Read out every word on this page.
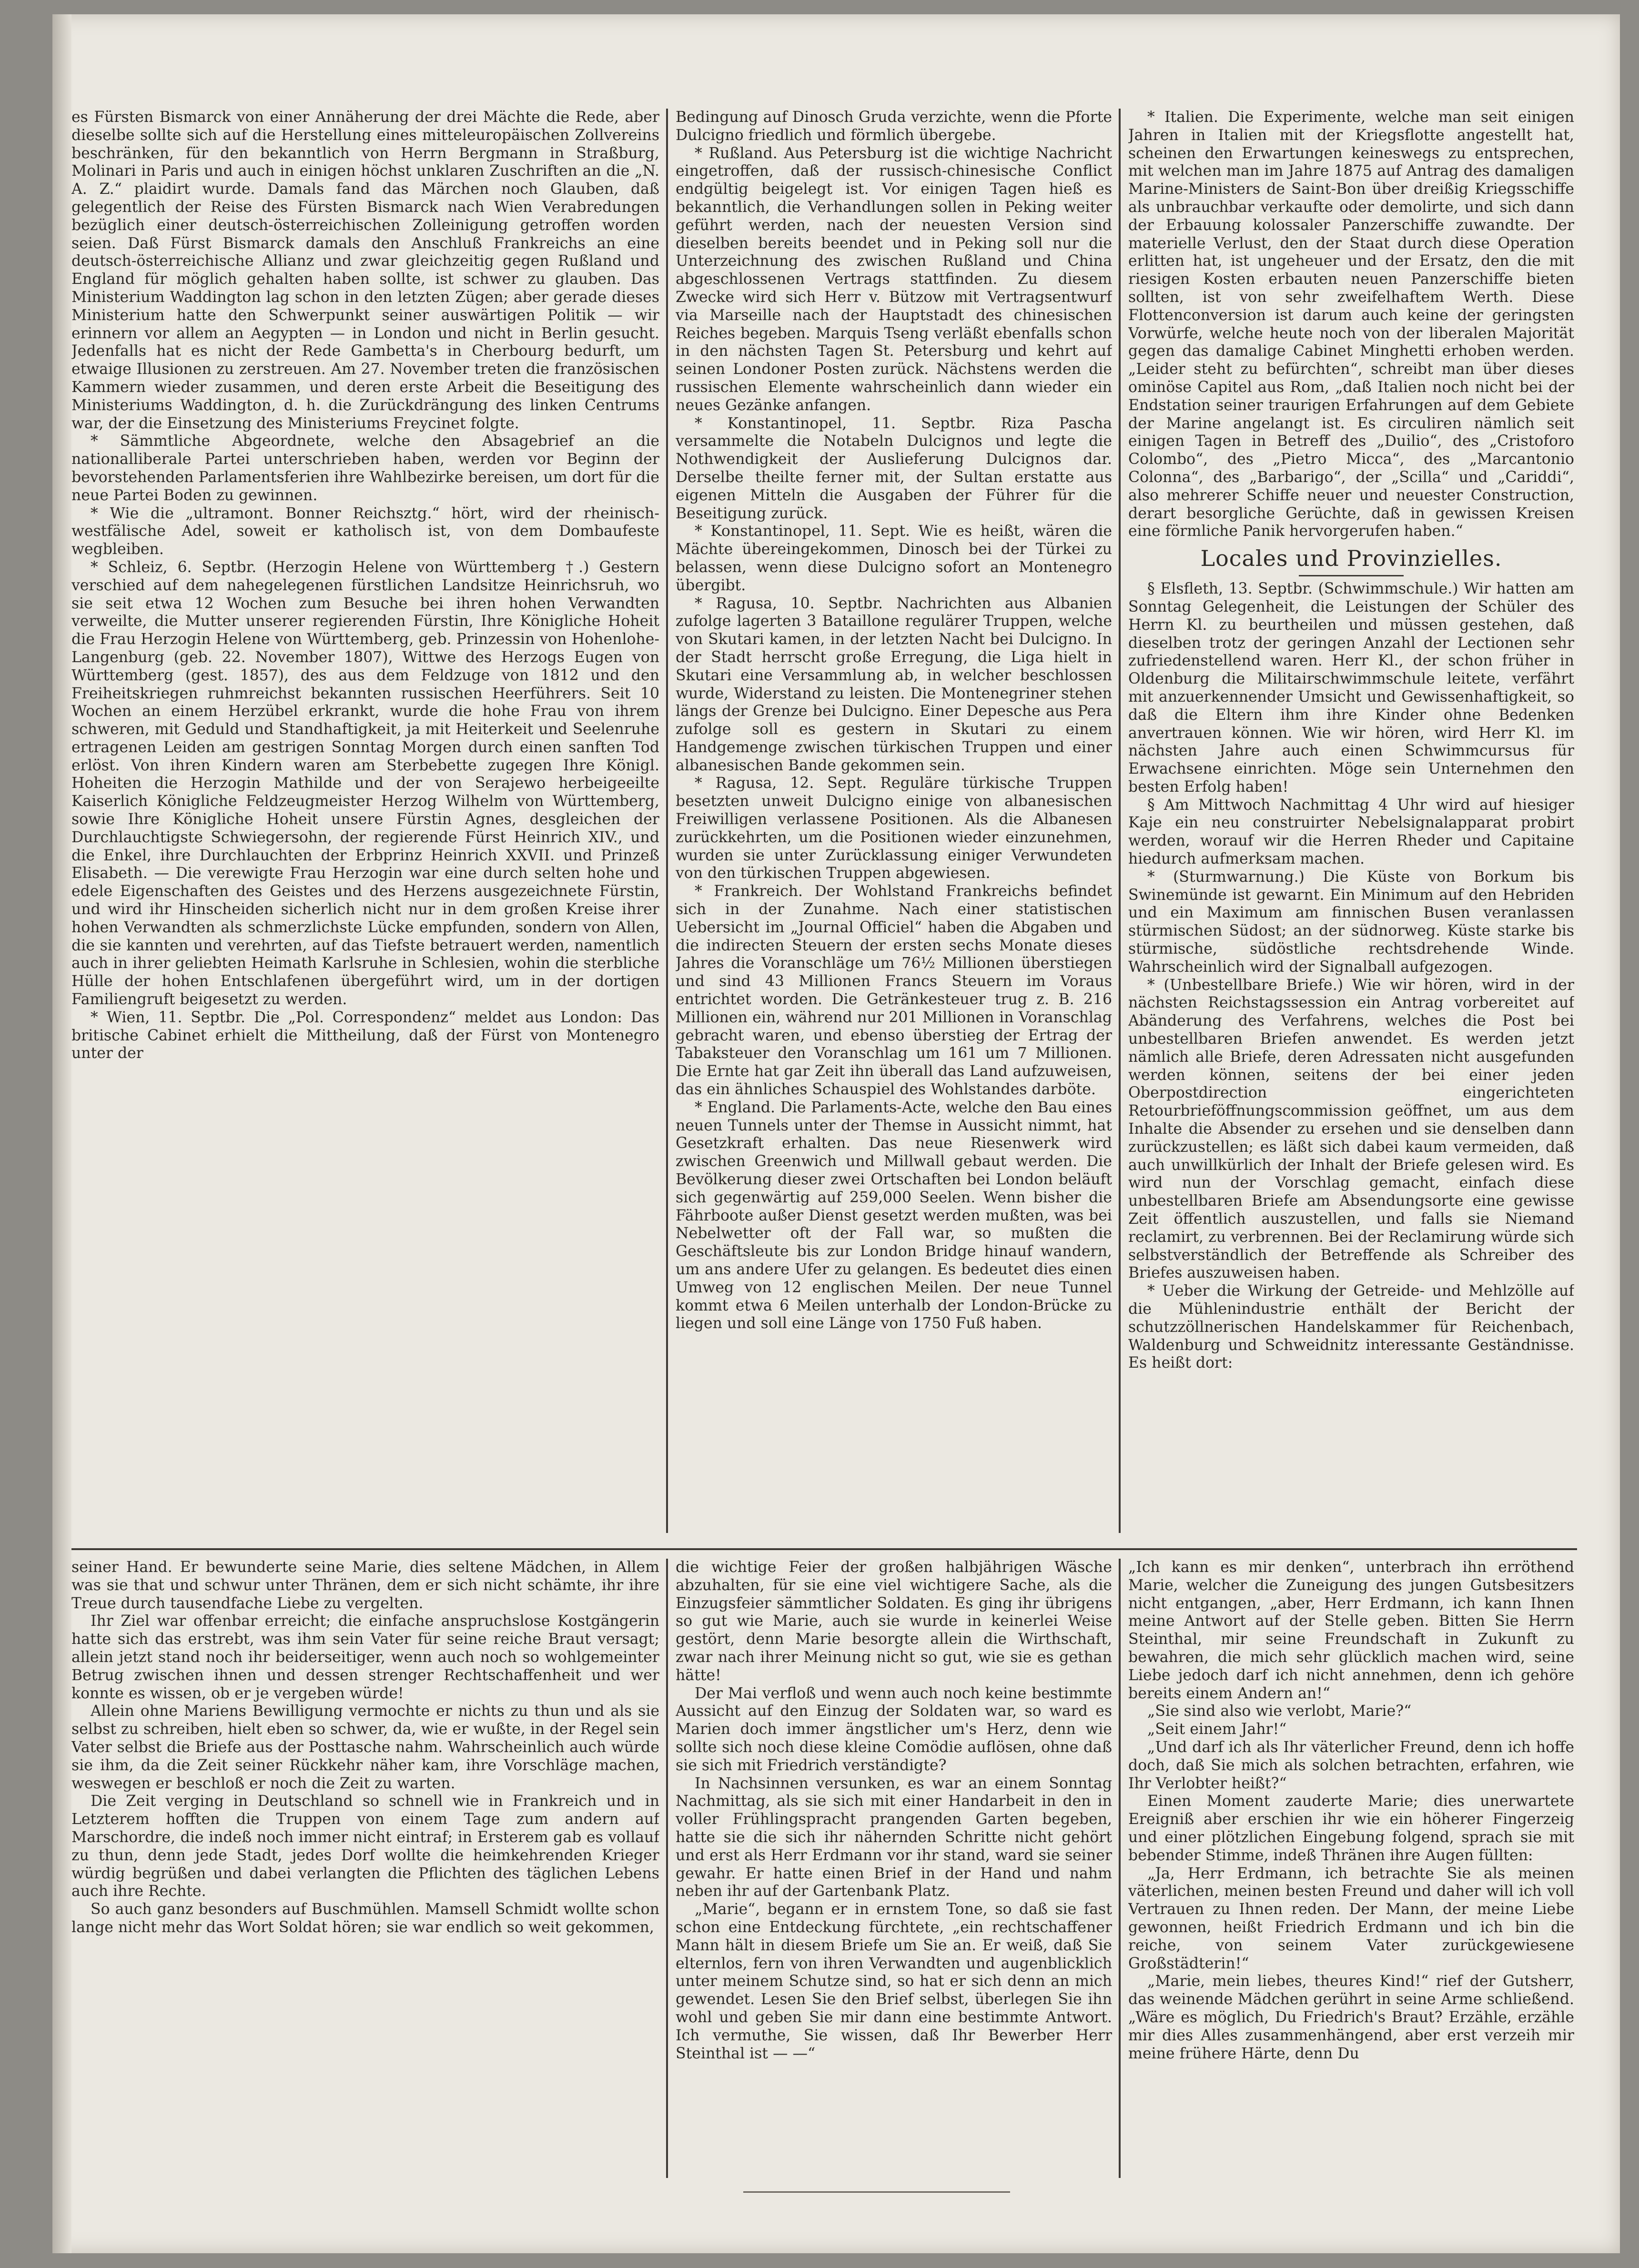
es Fürsten Bismarck von einer Annäherung der drei Mächte die Rede, aber dieselbe sollte sich auf die Herstellung eines mitteleuropäischen Zollvereins beschränken, für den bekanntlich von Herrn Bergmann in Straßburg, Molinari in Paris und auch in einigen höchst unklaren Zuschriften an die „N. A. Z.“ plaidirt wurde. Damals fand das Märchen noch Glauben, daß gelegentlich der Reise des Fürsten Bismarck nach Wien Verabredungen bezüglich einer deutsch-österreichischen Zolleinigung getroffen worden seien. Daß Fürst Bismarck damals den Anschluß Frankreichs an eine deutsch-österreichische Allianz und zwar gleichzeitig gegen Rußland und England für möglich gehalten haben sollte, ist schwer zu glauben. Das Ministerium Waddington lag schon in den letzten Zügen; aber gerade dieses Ministerium hatte den Schwerpunkt seiner auswärtigen Politik — wir erinnern vor allem an Aegypten — in London und nicht in Berlin gesucht. Jedenfalls hat es nicht der Rede Gambetta's in Cherbourg bedurft, um etwaige Illusionen zu zerstreuen. Am 27. November treten die französischen Kammern wieder zusammen, und deren erste Arbeit die Beseitigung des Ministeriums Waddington, d. h. die Zurückdrängung des linken Centrums war, der die Einsetzung des Ministeriums Freycinet folgte.

* Sämmtliche Abgeordnete, welche den Absagebrief an die nationalliberale Partei unterschrieben haben, werden vor Beginn der bevorstehenden Parlamentsferien ihre Wahlbezirke bereisen, um dort für die neue Partei Boden zu gewinnen.

* Wie die „ultramont. Bonner Reichsztg.“ hört, wird der rheinisch-westfälische Adel, soweit er katholisch ist, von dem Dombaufeste wegbleiben.

* Schleiz, 6. Septbr. (Herzogin Helene von Württemberg †.) Gestern verschied auf dem nahegelegenen fürstlichen Landsitze Heinrichsruh, wo sie seit etwa 12 Wochen zum Besuche bei ihren hohen Verwandten verweilte, die Mutter unserer regierenden Fürstin, Ihre Königliche Hoheit die Frau Herzogin Helene von Württemberg, geb. Prinzessin von Hohenlohe-Langenburg (geb. 22. November 1807), Wittwe des Herzogs Eugen von Württemberg (gest. 1857), des aus dem Feldzuge von 1812 und den Freiheitskriegen ruhmreichst bekannten russischen Heerführers. Seit 10 Wochen an einem Herzübel erkrankt, wurde die hohe Frau von ihrem schweren, mit Geduld und Standhaftigkeit, ja mit Heiterkeit und Seelenruhe ertragenen Leiden am gestrigen Sonntag Morgen durch einen sanften Tod erlöst. Von ihren Kindern waren am Sterbebette zugegen Ihre Königl. Hoheiten die Herzogin Mathilde und der von Serajewo herbeigeeilte Kaiserlich Königliche Feldzeugmeister Herzog Wilhelm von Württemberg, sowie Ihre Königliche Hoheit unsere Fürstin Agnes, desgleichen der Durchlauchtigste Schwiegersohn, der regierende Fürst Heinrich XIV., und die Enkel, ihre Durchlauchten der Erbprinz Heinrich XXVII. und Prinzeß Elisabeth. — Die verewigte Frau Herzogin war eine durch selten hohe und edele Eigenschaften des Geistes und des Herzens ausgezeichnete Fürstin, und wird ihr Hinscheiden sicherlich nicht nur in dem großen Kreise ihrer hohen Verwandten als schmerzlichste Lücke empfunden, sondern von Allen, die sie kannten und verehrten, auf das Tiefste betrauert werden, namentlich auch in ihrer geliebten Heimath Karlsruhe in Schlesien, wohin die sterbliche Hülle der hohen Entschlafenen übergeführt wird, um in der dortigen Familiengruft beigesetzt zu werden.

* Wien, 11. Septbr. Die „Pol. Correspondenz“ meldet aus London: Das britische Cabinet erhielt die Mittheilung, daß der Fürst von Montenegro unter der

Bedingung auf Dinosch Gruda verzichte, wenn die Pforte Dulcigno friedlich und förmlich übergebe.

* Rußland. Aus Petersburg ist die wichtige Nachricht eingetroffen, daß der russisch-chinesische Conflict endgültig beigelegt ist. Vor einigen Tagen hieß es bekanntlich, die Verhandlungen sollen in Peking weiter geführt werden, nach der neuesten Version sind dieselben bereits beendet und in Peking soll nur die Unterzeichnung des zwischen Rußland und China abgeschlossenen Vertrags stattfinden. Zu diesem Zwecke wird sich Herr v. Bützow mit Vertragsentwurf via Marseille nach der Hauptstadt des chinesischen Reiches begeben. Marquis Tseng verläßt ebenfalls schon in den nächsten Tagen St. Petersburg und kehrt auf seinen Londoner Posten zurück. Nächstens werden die russischen Elemente wahrscheinlich dann wieder ein neues Gezänke anfangen.

* Konstantinopel, 11. Septbr. Riza Pascha versammelte die Notabeln Dulcignos und legte die Nothwendigkeit der Auslieferung Dulcignos dar. Derselbe theilte ferner mit, der Sultan erstatte aus eigenen Mitteln die Ausgaben der Führer für die Beseitigung zurück.

* Konstantinopel, 11. Sept. Wie es heißt, wären die Mächte übereingekommen, Dinosch bei der Türkei zu belassen, wenn diese Dulcigno sofort an Montenegro übergibt.

* Ragusa, 10. Septbr. Nachrichten aus Albanien zufolge lagerten 3 Bataillone regulärer Truppen, welche von Skutari kamen, in der letzten Nacht bei Dulcigno. In der Stadt herrscht große Erregung, die Liga hielt in Skutari eine Versammlung ab, in welcher beschlossen wurde, Widerstand zu leisten. Die Montenegriner stehen längs der Grenze bei Dulcigno. Einer Depesche aus Pera zufolge soll es gestern in Skutari zu einem Handgemenge zwischen türkischen Truppen und einer albanesischen Bande gekommen sein.

* Ragusa, 12. Sept. Reguläre türkische Truppen besetzten unweit Dulcigno einige von albanesischen Freiwilligen verlassene Positionen. Als die Albanesen zurückkehrten, um die Positionen wieder einzunehmen, wurden sie unter Zurücklassung einiger Verwundeten von den türkischen Truppen abgewiesen.

* Frankreich. Der Wohlstand Frankreichs befindet sich in der Zunahme. Nach einer statistischen Uebersicht im „Journal Officiel“ haben die Abgaben und die indirecten Steuern der ersten sechs Monate dieses Jahres die Voranschläge um 76½ Millionen überstiegen und sind 43 Millionen Francs Steuern im Voraus entrichtet worden. Die Getränkesteuer trug z. B. 216 Millionen ein, während nur 201 Millionen in Voranschlag gebracht waren, und ebenso überstieg der Ertrag der Tabaksteuer den Voranschlag um 161 um 7 Millionen. Die Ernte hat gar Zeit ihn überall das Land aufzuweisen, das ein ähnliches Schauspiel des Wohlstandes darböte.

* England. Die Parlaments-Acte, welche den Bau eines neuen Tunnels unter der Themse in Aussicht nimmt, hat Gesetzkraft erhalten. Das neue Riesenwerk wird zwischen Greenwich und Millwall gebaut werden. Die Bevölkerung dieser zwei Ortschaften bei London beläuft sich gegenwärtig auf 259,000 Seelen. Wenn bisher die Fährboote außer Dienst gesetzt werden mußten, was bei Nebelwetter oft der Fall war, so mußten die Geschäftsleute bis zur London Bridge hinauf wandern, um ans andere Ufer zu gelangen. Es bedeutet dies einen Umweg von 12 englischen Meilen. Der neue Tunnel kommt etwa 6 Meilen unterhalb der London-Brücke zu liegen und soll eine Länge von 1750 Fuß haben.

* Italien. Die Experimente, welche man seit einigen Jahren in Italien mit der Kriegsflotte angestellt hat, scheinen den Erwartungen keineswegs zu entsprechen, mit welchen man im Jahre 1875 auf Antrag des damaligen Marine-Ministers de Saint-Bon über dreißig Kriegsschiffe als unbrauchbar verkaufte oder demolirte, und sich dann der Erbauung kolossaler Panzerschiffe zuwandte. Der materielle Verlust, den der Staat durch diese Operation erlitten hat, ist ungeheuer und der Ersatz, den die mit riesigen Kosten erbauten neuen Panzerschiffe bieten sollten, ist von sehr zweifelhaftem Werth. Diese Flottenconversion ist darum auch keine der geringsten Vorwürfe, welche heute noch von der liberalen Majorität gegen das damalige Cabinet Minghetti erhoben werden. „Leider steht zu befürchten“, schreibt man über dieses ominöse Capitel aus Rom, „daß Italien noch nicht bei der Endstation seiner traurigen Erfahrungen auf dem Gebiete der Marine angelangt ist. Es circuliren nämlich seit einigen Tagen in Betreff des „Duilio“, des „Cristoforo Colombo“, des „Pietro Micca“, des „Marcantonio Colonna“, des „Barbarigo“, der „Scilla“ und „Cariddi“, also mehrerer Schiffe neuer und neuester Construction, derart besorgliche Gerüchte, daß in gewissen Kreisen eine förmliche Panik hervorgerufen haben.“

Locales und Provinzielles.

§ Elsfleth, 13. Septbr. (Schwimmschule.) Wir hatten am Sonntag Gelegenheit, die Leistungen der Schüler des Herrn Kl. zu beurtheilen und müssen gestehen, daß dieselben trotz der geringen Anzahl der Lectionen sehr zufriedenstellend waren. Herr Kl., der schon früher in Oldenburg die Militairschwimmschule leitete, verfährt mit anzuerkennender Umsicht und Gewissenhaftigkeit, so daß die Eltern ihm ihre Kinder ohne Bedenken anvertrauen können. Wie wir hören, wird Herr Kl. im nächsten Jahre auch einen Schwimmcursus für Erwachsene einrichten. Möge sein Unternehmen den besten Erfolg haben!

§ Am Mittwoch Nachmittag 4 Uhr wird auf hiesiger Kaje ein neu construirter Nebelsignalapparat probirt werden, worauf wir die Herren Rheder und Capitaine hiedurch aufmerksam machen.

* (Sturmwarnung.) Die Küste von Borkum bis Swinemünde ist gewarnt. Ein Minimum auf den Hebriden und ein Maximum am finnischen Busen veranlassen stürmischen Südost; an der südnorweg. Küste starke bis stürmische, südöstliche rechtsdrehende Winde. Wahrscheinlich wird der Signalball aufgezogen.

* (Unbestellbare Briefe.) Wie wir hören, wird in der nächsten Reichstagssession ein Antrag vorbereitet auf Abänderung des Verfahrens, welches die Post bei unbestellbaren Briefen anwendet. Es werden jetzt nämlich alle Briefe, deren Adressaten nicht ausgefunden werden können, seitens der bei einer jeden Oberpostdirection eingerichteten Retourbrieföffnungscommission geöffnet, um aus dem Inhalte die Absender zu ersehen und sie denselben dann zurückzustellen; es läßt sich dabei kaum vermeiden, daß auch unwillkürlich der Inhalt der Briefe gelesen wird. Es wird nun der Vorschlag gemacht, einfach diese unbestellbaren Briefe am Absendungsorte eine gewisse Zeit öffentlich auszustellen, und falls sie Niemand reclamirt, zu verbrennen. Bei der Reclamirung würde sich selbstverständlich der Betreffende als Schreiber des Briefes auszuweisen haben.

* Ueber die Wirkung der Getreide- und Mehlzölle auf die Mühlenindustrie enthält der Bericht der schutzzöllnerischen Handelskammer für Reichenbach, Waldenburg und Schweidnitz interessante Geständnisse. Es heißt dort:

seiner Hand. Er bewunderte seine Marie, dies seltene Mädchen, in Allem was sie that und schwur unter Thränen, dem er sich nicht schämte, ihr ihre Treue durch tausendfache Liebe zu vergelten.

Ihr Ziel war offenbar erreicht; die einfache anspruchslose Kostgängerin hatte sich das erstrebt, was ihm sein Vater für seine reiche Braut versagt; allein jetzt stand noch ihr beiderseitiger, wenn auch noch so wohlgemeinter Betrug zwischen ihnen und dessen strenger Rechtschaffenheit und wer konnte es wissen, ob er je vergeben würde!

Allein ohne Mariens Bewilligung vermochte er nichts zu thun und als sie selbst zu schreiben, hielt eben so schwer, da, wie er wußte, in der Regel sein Vater selbst die Briefe aus der Posttasche nahm. Wahrscheinlich auch würde sie ihm, da die Zeit seiner Rückkehr näher kam, ihre Vorschläge machen, weswegen er beschloß er noch die Zeit zu warten.

Die Zeit verging in Deutschland so schnell wie in Frankreich und in Letzterem hofften die Truppen von einem Tage zum andern auf Marschordre, die indeß noch immer nicht eintraf; in Ersterem gab es vollauf zu thun, denn jede Stadt, jedes Dorf wollte die heimkehrenden Krieger würdig begrüßen und dabei verlangten die Pflichten des täglichen Lebens auch ihre Rechte.

So auch ganz besonders auf Buschmühlen. Mamsell Schmidt wollte schon lange nicht mehr das Wort Soldat hören; sie war endlich so weit gekommen,

die wichtige Feier der großen halbjährigen Wäsche abzuhalten, für sie eine viel wichtigere Sache, als die Einzugsfeier sämmtlicher Soldaten. Es ging ihr übrigens so gut wie Marie, auch sie wurde in keinerlei Weise gestört, denn Marie besorgte allein die Wirthschaft, zwar nach ihrer Meinung nicht so gut, wie sie es gethan hätte!

Der Mai verfloß und wenn auch noch keine bestimmte Aussicht auf den Einzug der Soldaten war, so ward es Marien doch immer ängstlicher um's Herz, denn wie sollte sich noch diese kleine Comödie auflösen, ohne daß sie sich mit Friedrich verständigte?

In Nachsinnen versunken, es war an einem Sonntag Nachmittag, als sie sich mit einer Handarbeit in den in voller Frühlingspracht prangenden Garten begeben, hatte sie die sich ihr nähernden Schritte nicht gehört und erst als Herr Erdmann vor ihr stand, ward sie seiner gewahr. Er hatte einen Brief in der Hand und nahm neben ihr auf der Gartenbank Platz.

„Marie“, begann er in ernstem Tone, so daß sie fast schon eine Entdeckung fürchtete, „ein rechtschaffener Mann hält in diesem Briefe um Sie an. Er weiß, daß Sie elternlos, fern von ihren Verwandten und augenblicklich unter meinem Schutze sind, so hat er sich denn an mich gewendet. Lesen Sie den Brief selbst, überlegen Sie ihn wohl und geben Sie mir dann eine bestimmte Antwort. Ich vermuthe, Sie wissen, daß Ihr Bewerber Herr Steinthal ist — —“

„Ich kann es mir denken“, unterbrach ihn erröthend Marie, welcher die Zuneigung des jungen Gutsbesitzers nicht entgangen, „aber, Herr Erdmann, ich kann Ihnen meine Antwort auf der Stelle geben. Bitten Sie Herrn Steinthal, mir seine Freundschaft in Zukunft zu bewahren, die mich sehr glücklich machen wird, seine Liebe jedoch darf ich nicht annehmen, denn ich gehöre bereits einem Andern an!“

„Sie sind also wie verlobt, Marie?“

„Seit einem Jahr!“

„Und darf ich als Ihr väterlicher Freund, denn ich hoffe doch, daß Sie mich als solchen betrachten, erfahren, wie Ihr Verlobter heißt?“

Einen Moment zauderte Marie; dies unerwartete Ereigniß aber erschien ihr wie ein höherer Fingerzeig und einer plötzlichen Eingebung folgend, sprach sie mit bebender Stimme, indeß Thränen ihre Augen füllten:

„Ja, Herr Erdmann, ich betrachte Sie als meinen väterlichen, meinen besten Freund und daher will ich voll Vertrauen zu Ihnen reden. Der Mann, der meine Liebe gewonnen, heißt Friedrich Erdmann und ich bin die reiche, von seinem Vater zurückgewiesene Großstädterin!“

„Marie, mein liebes, theures Kind!“ rief der Gutsherr, das weinende Mädchen gerührt in seine Arme schließend. „Wäre es möglich, Du Friedrich's Braut? Erzähle, erzähle mir dies Alles zusammenhängend, aber erst verzeih mir meine frühere Härte, denn Du
